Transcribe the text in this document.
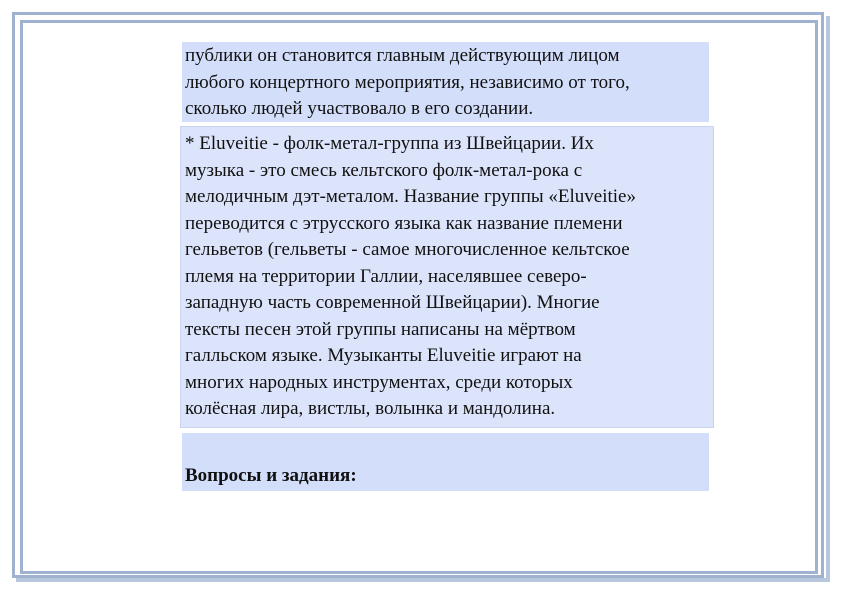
публики он становится главным действующим лицом
любого концертного мероприятия, независимо от того,
сколько людей участвовало в его создании.
* Eluveitie - фолк-метал-группа из Швейцарии. Их
музыка - это смесь кельтского фолк-метал-рока с
мелодичным дэт-металом. Название группы «Eluveitie»
переводится с этрусского языка как название племени
гельветов (гельветы - самое многочисленное кельтское
племя на территории Галлии, населявшее северо-
западную часть современной Швейцарии). Многие
тексты песен этой группы написаны на мёртвом
галльском языке. Музыканты Eluveitie играют на
многих народных инструментах, среди которых
колёсная лира, вистлы, волынка и мандолина.
Вопросы и задания:
